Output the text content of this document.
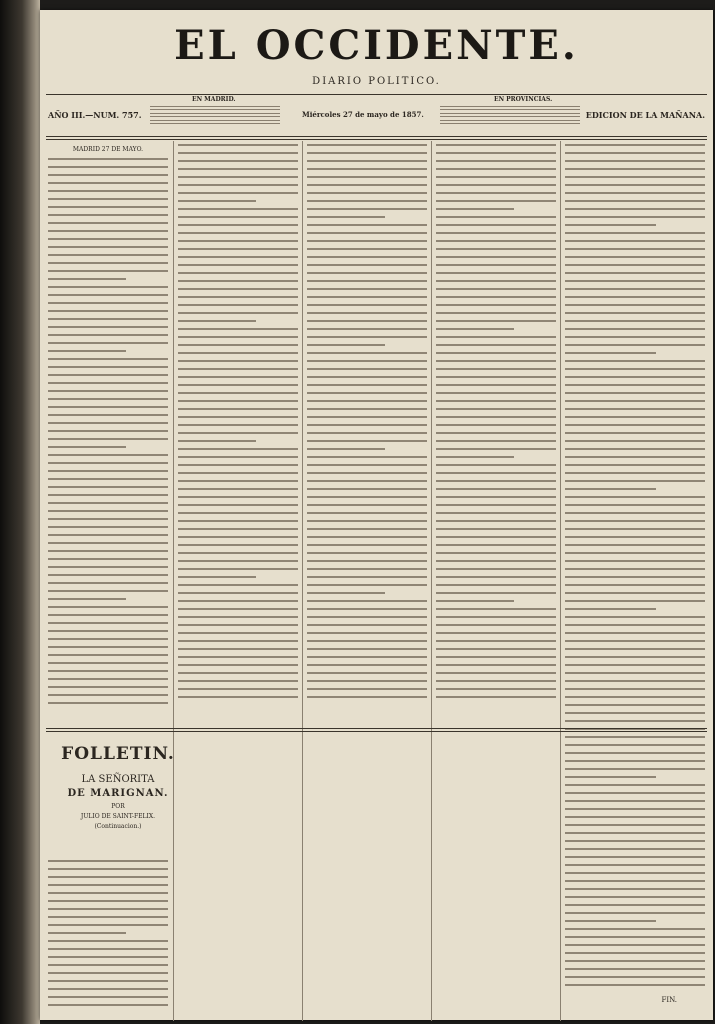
EL OCCIDENTE.
DIARIO POLITICO.
EN MADRID.	EN PROVINCIAS.
AÑO III.—NUM. 757.	Miércoles 27 de mayo de 1857.	EDICION DE LA MAÑANA.
MADRID 27 DE MAYO.
FOLLETIN.
LA SEÑORITA
DE MARIGNAN.
POR
JULIO DE SAINT-FELIX.
(Continuacion.)
FIN.
